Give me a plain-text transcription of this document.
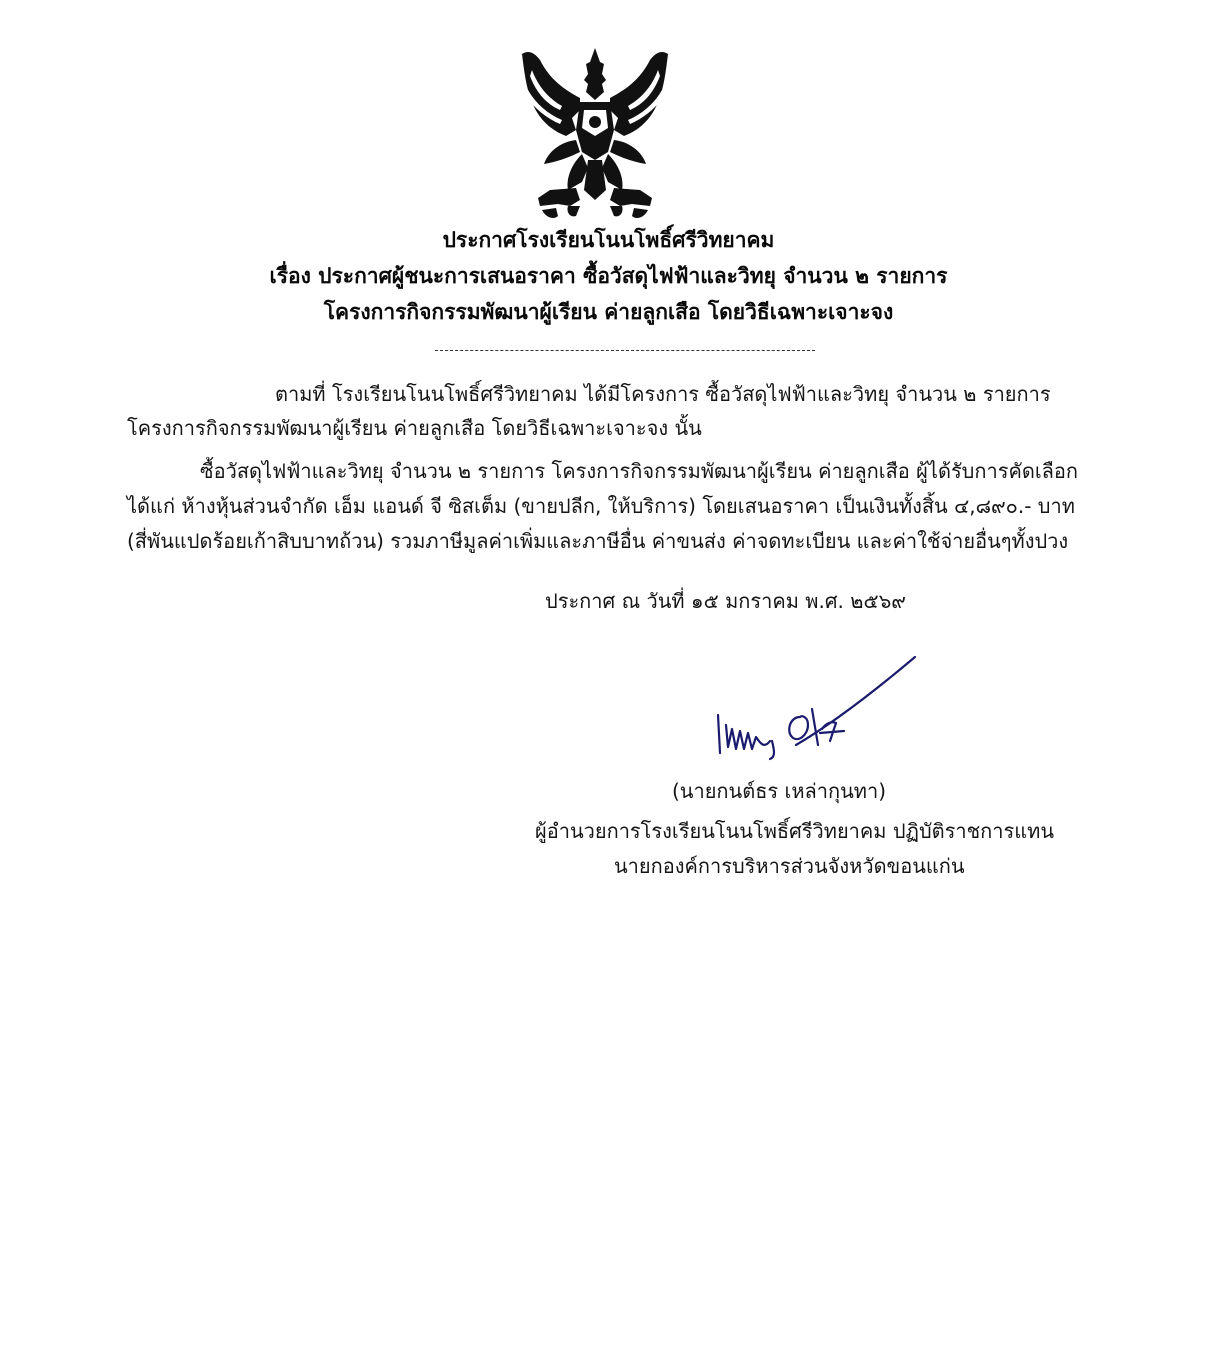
ประกาศโรงเรียนโนนโพธิ์ศรีวิทยาคม
เรื่อง ประกาศผู้ชนะการเสนอราคา ซื้อวัสดุไฟฟ้าและวิทยุ จำนวน ๒ รายการ
โครงการกิจกรรมพัฒนาผู้เรียน ค่ายลูกเสือ โดยวิธีเฉพาะเจาะจง
ตามที่ โรงเรียนโนนโพธิ์ศรีวิทยาคม ได้มีโครงการ ซื้อวัสดุไฟฟ้าและวิทยุ จำนวน ๒ รายการ
โครงการกิจกรรมพัฒนาผู้เรียน ค่ายลูกเสือ โดยวิธีเฉพาะเจาะจง นั้น
ซื้อวัสดุไฟฟ้าและวิทยุ จำนวน ๒ รายการ โครงการกิจกรรมพัฒนาผู้เรียน ค่ายลูกเสือ ผู้ได้รับการคัดเลือก
ได้แก่ ห้างหุ้นส่วนจำกัด เอ็ม แอนด์ จี ซิสเต็ม (ขายปลีก, ให้บริการ) โดยเสนอราคา เป็นเงินทั้งสิ้น ๔,๘๙๐.- บาท
(สี่พันแปดร้อยเก้าสิบบาทถ้วน) รวมภาษีมูลค่าเพิ่มและภาษีอื่น ค่าขนส่ง ค่าจดทะเบียน และค่าใช้จ่ายอื่นๆทั้งปวง
ประกาศ ณ วันที่ ๑๕ มกราคม พ.ศ. ๒๕๖๙
(นายกนต์ธร เหล่ากุนทา)
ผู้อำนวยการโรงเรียนโนนโพธิ์ศรีวิทยาคม ปฏิบัติราชการแทน
นายกองค์การบริหารส่วนจังหวัดขอนแก่น
